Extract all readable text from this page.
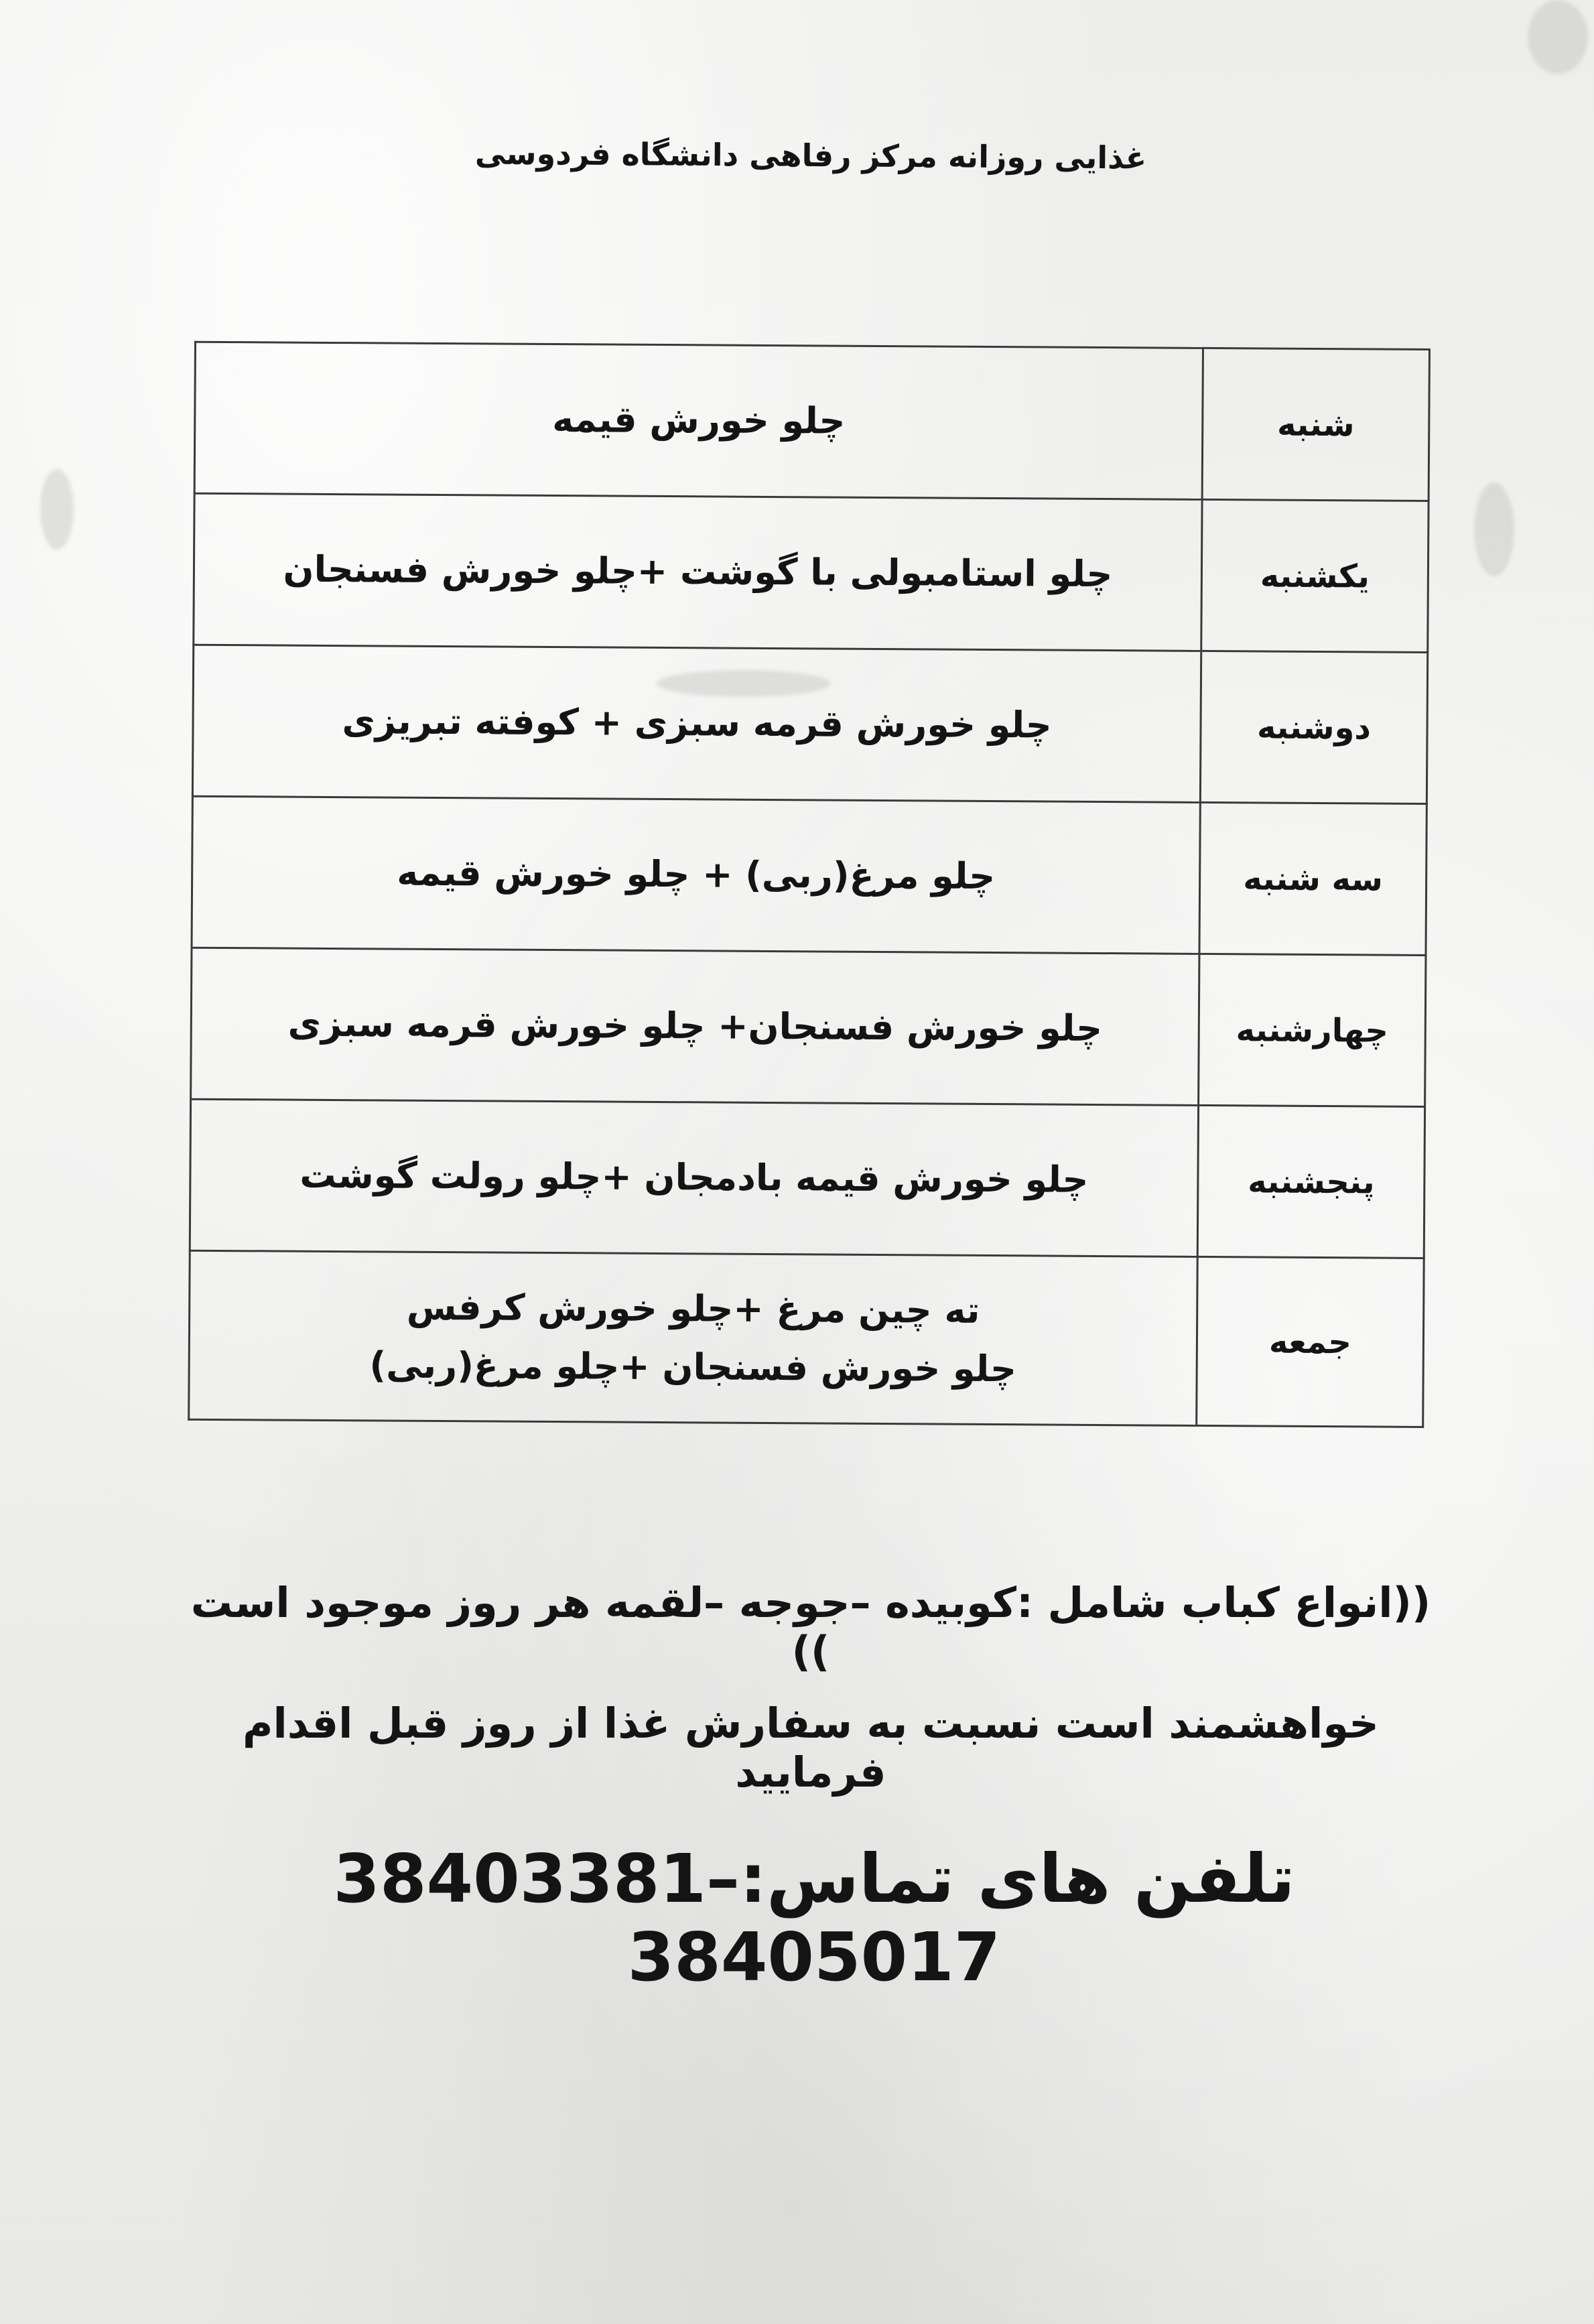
غذایی روزانه مرکز رفاهی دانشگاه فردوسی
شنبه	چلو خورش قیمه

یکشنبه	چلو استامبولی با گوشت +چلو خورش فسنجان

دوشنبه	چلو خورش قرمه سبزی + کوفته تبریزی

سه شنبه	چلو مرغ(ربی) + چلو خورش قیمه

چهارشنبه	چلو خورش فسنجان+ چلو خورش قرمه سبزی

پنجشنبه	چلو خورش قیمه بادمجان +چلو رولت گوشت

جمعه	ته چین مرغ +چلو خورش کرفس
چلو خورش فسنجان +چلو مرغ(ربی)
((انواع کباب شامل :کوبیده –جوجه –لقمه هر روز موجود است ))
خواهشمند است نسبت به سفارش غذا از روز قبل اقدام فرمایید
تلفن های تماس:38403381–38405017
